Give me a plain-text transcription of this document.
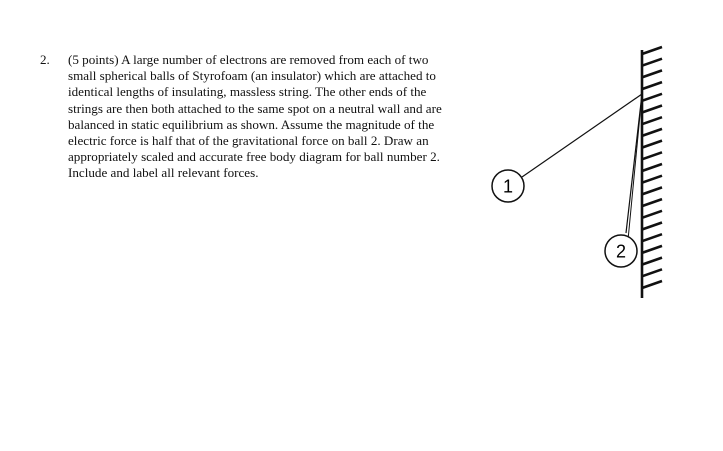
2. (5 points) A large number of electrons are removed from each of two
small spherical balls of Styrofoam (an insulator) which are attached to
identical lengths of insulating, massless string. The other ends of the
strings are then both attached to the same spot on a neutral wall and are
balanced in static equilibrium as shown. Assume the magnitude of the
electric force is half that of the gravitational force on ball 2. Draw an
appropriately scaled and accurate free body diagram for ball number 2.
Include and label all relevant forces.
1
2
